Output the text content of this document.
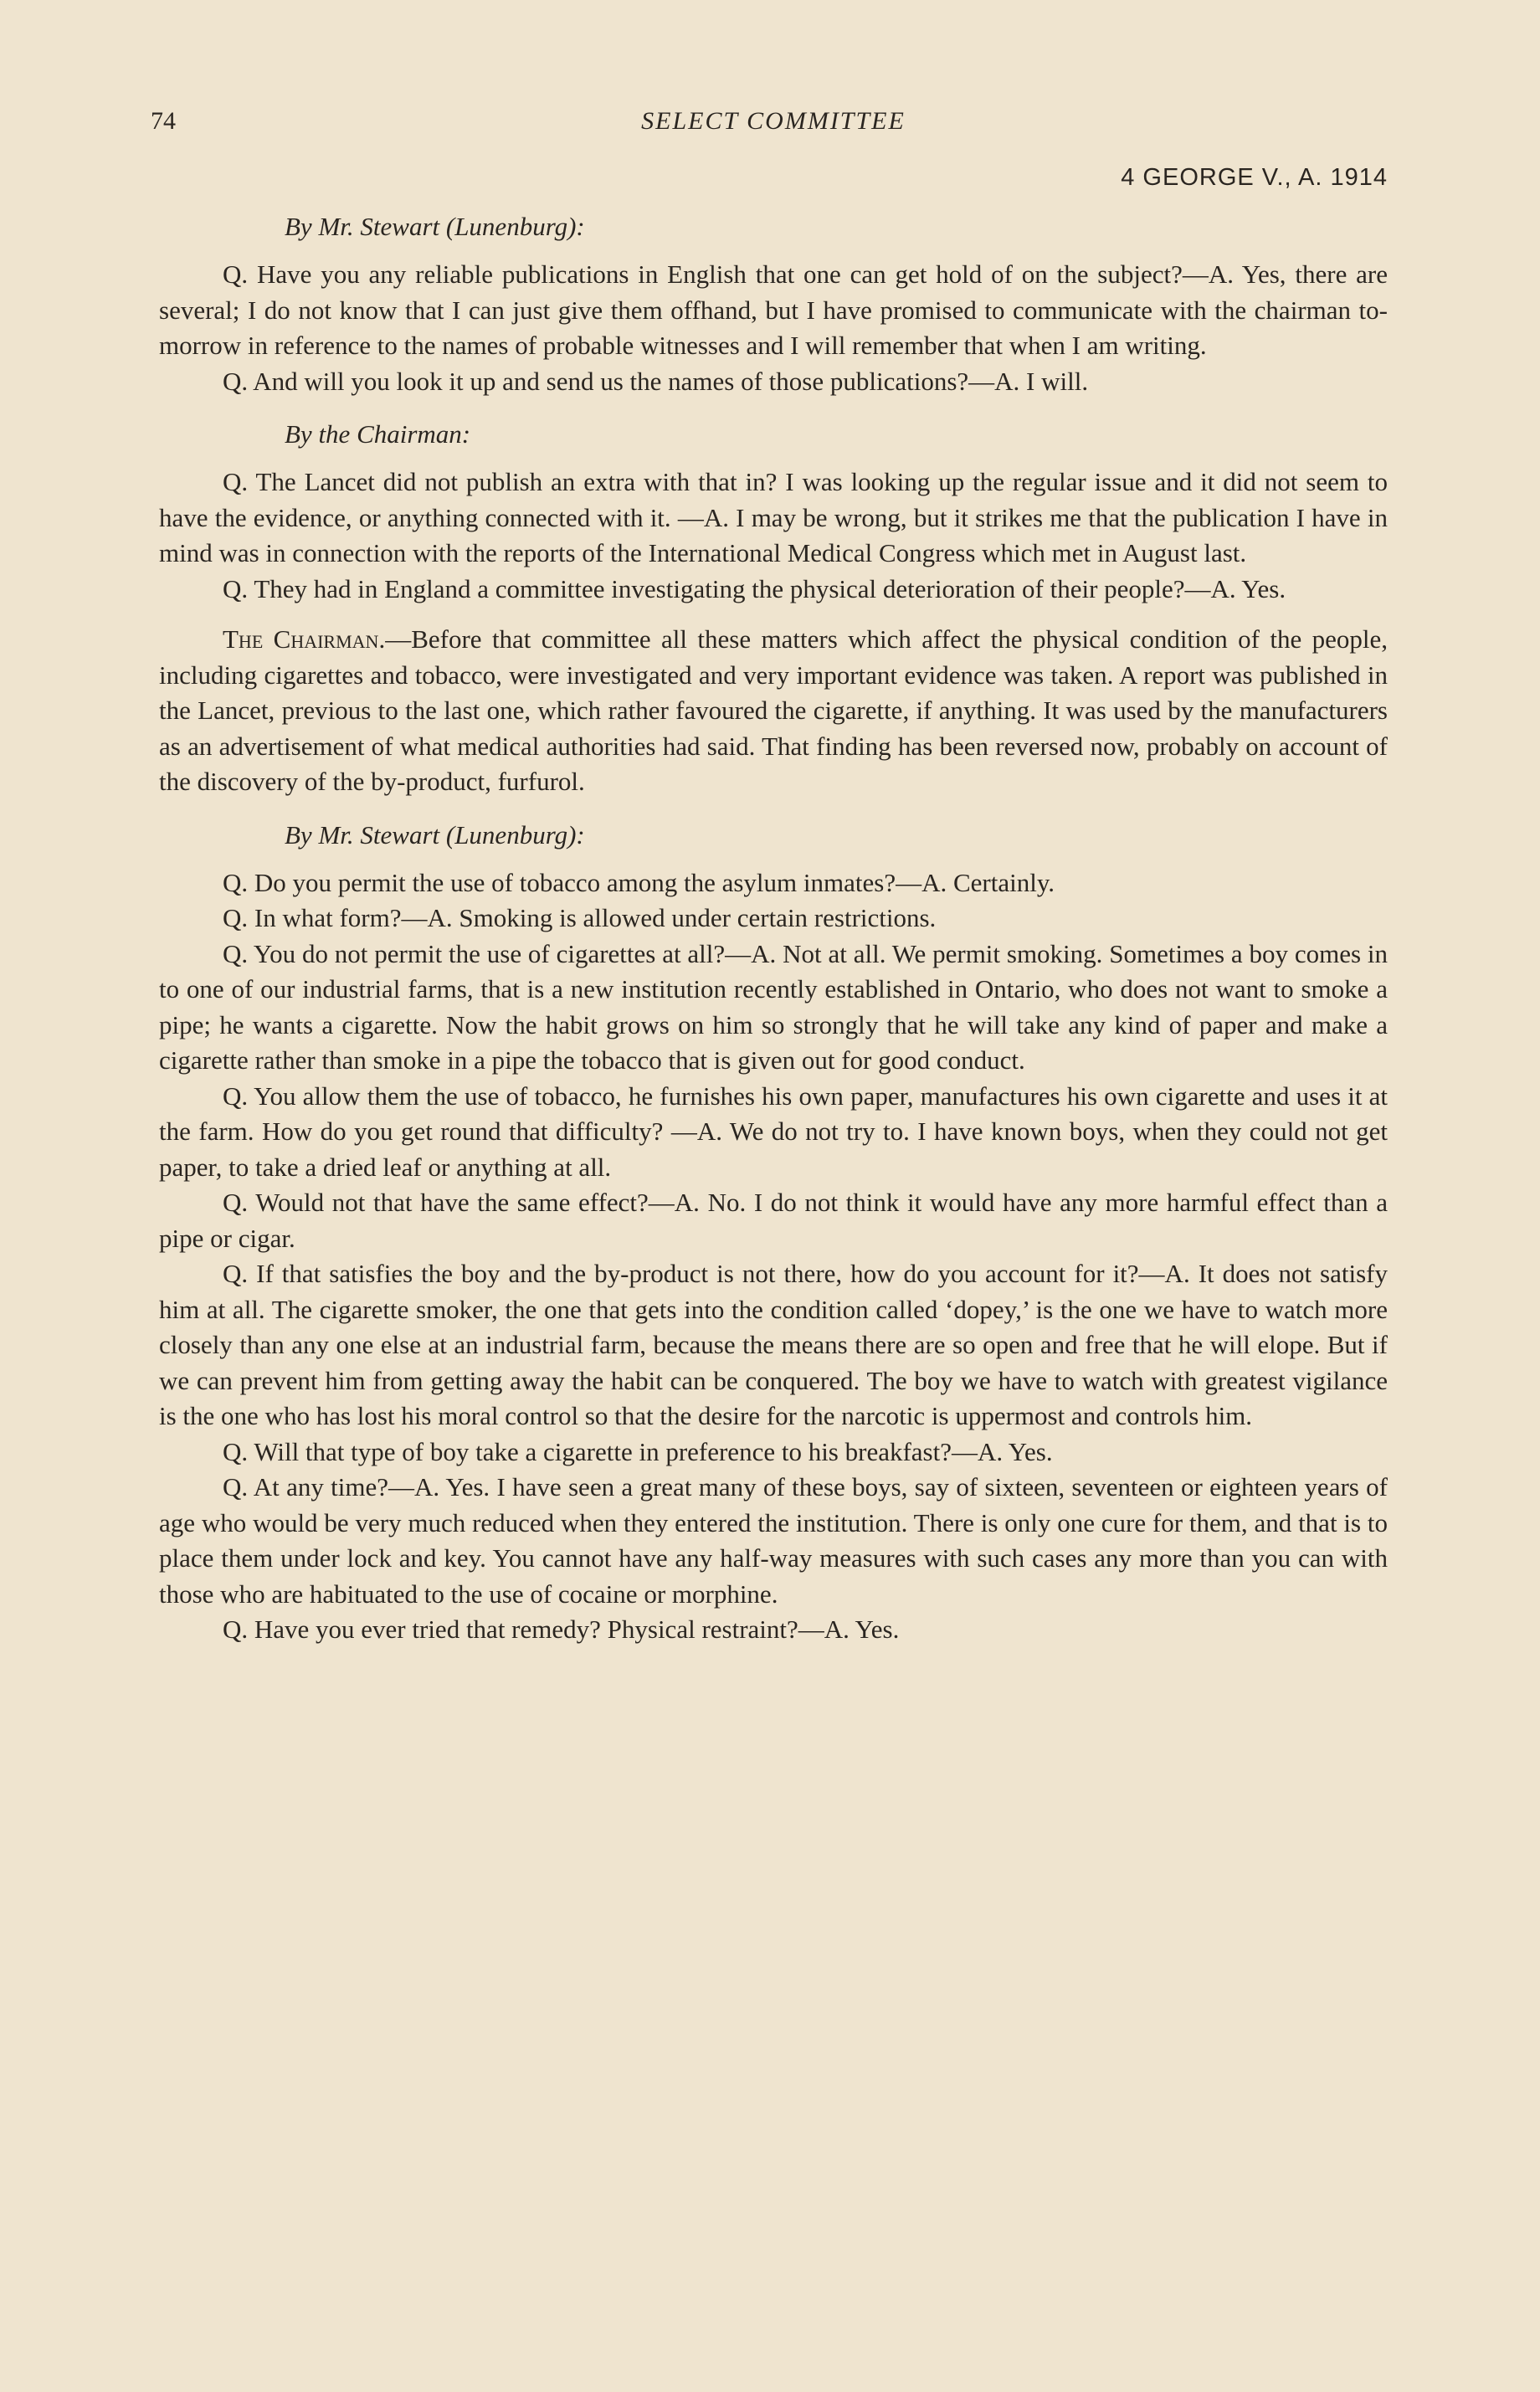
74	SELECT COMMITTEE
4 GEORGE V., A. 1914
By Mr. Stewart (Lunenburg):

Q. Have you any reliable publications in English that one can get hold of on the subject?—A. Yes, there are several; I do not know that I can just give them offhand, but I have promised to communicate with the chairman to-morrow in reference to the names of probable witnesses and I will remember that when I am writing.

Q. And will you look it up and send us the names of those publications?—A. I will.

By the Chairman:

Q. The Lancet did not publish an extra with that in? I was looking up the regular issue and it did not seem to have the evidence, or anything connected with it. —A. I may be wrong, but it strikes me that the publication I have in mind was in connection with the reports of the International Medical Congress which met in August last.

Q. They had in England a committee investigating the physical deterioration of their people?—A. Yes.

The Chairman.—Before that committee all these matters which affect the physical condition of the people, including cigarettes and tobacco, were investigated and very important evidence was taken. A report was published in the Lancet, previous to the last one, which rather favoured the cigarette, if anything. It was used by the manufacturers as an advertisement of what medical authorities had said. That finding has been reversed now, probably on account of the discovery of the by-product, furfurol.

By Mr. Stewart (Lunenburg):

Q. Do you permit the use of tobacco among the asylum inmates?—A. Certainly.

Q. In what form?—A. Smoking is allowed under certain restrictions.

Q. You do not permit the use of cigarettes at all?—A. Not at all. We permit smoking. Sometimes a boy comes in to one of our industrial farms, that is a new institution recently established in Ontario, who does not want to smoke a pipe; he wants a cigarette. Now the habit grows on him so strongly that he will take any kind of paper and make a cigarette rather than smoke in a pipe the tobacco that is given out for good conduct.

Q. You allow them the use of tobacco, he furnishes his own paper, manufactures his own cigarette and uses it at the farm. How do you get round that difficulty? —A. We do not try to. I have known boys, when they could not get paper, to take a dried leaf or anything at all.

Q. Would not that have the same effect?—A. No. I do not think it would have any more harmful effect than a pipe or cigar.

Q. If that satisfies the boy and the by-product is not there, how do you account for it?—A. It does not satisfy him at all. The cigarette smoker, the one that gets into the condition called ‘dopey,’ is the one we have to watch more closely than any one else at an industrial farm, because the means there are so open and free that he will elope. But if we can prevent him from getting away the habit can be conquered. The boy we have to watch with greatest vigilance is the one who has lost his moral control so that the desire for the narcotic is uppermost and controls him.

Q. Will that type of boy take a cigarette in preference to his breakfast?—A. Yes.

Q. At any time?—A. Yes. I have seen a great many of these boys, say of sixteen, seventeen or eighteen years of age who would be very much reduced when they entered the institution. There is only one cure for them, and that is to place them under lock and key. You cannot have any half-way measures with such cases any more than you can with those who are habituated to the use of cocaine or morphine.

Q. Have you ever tried that remedy? Physical restraint?—A. Yes.
